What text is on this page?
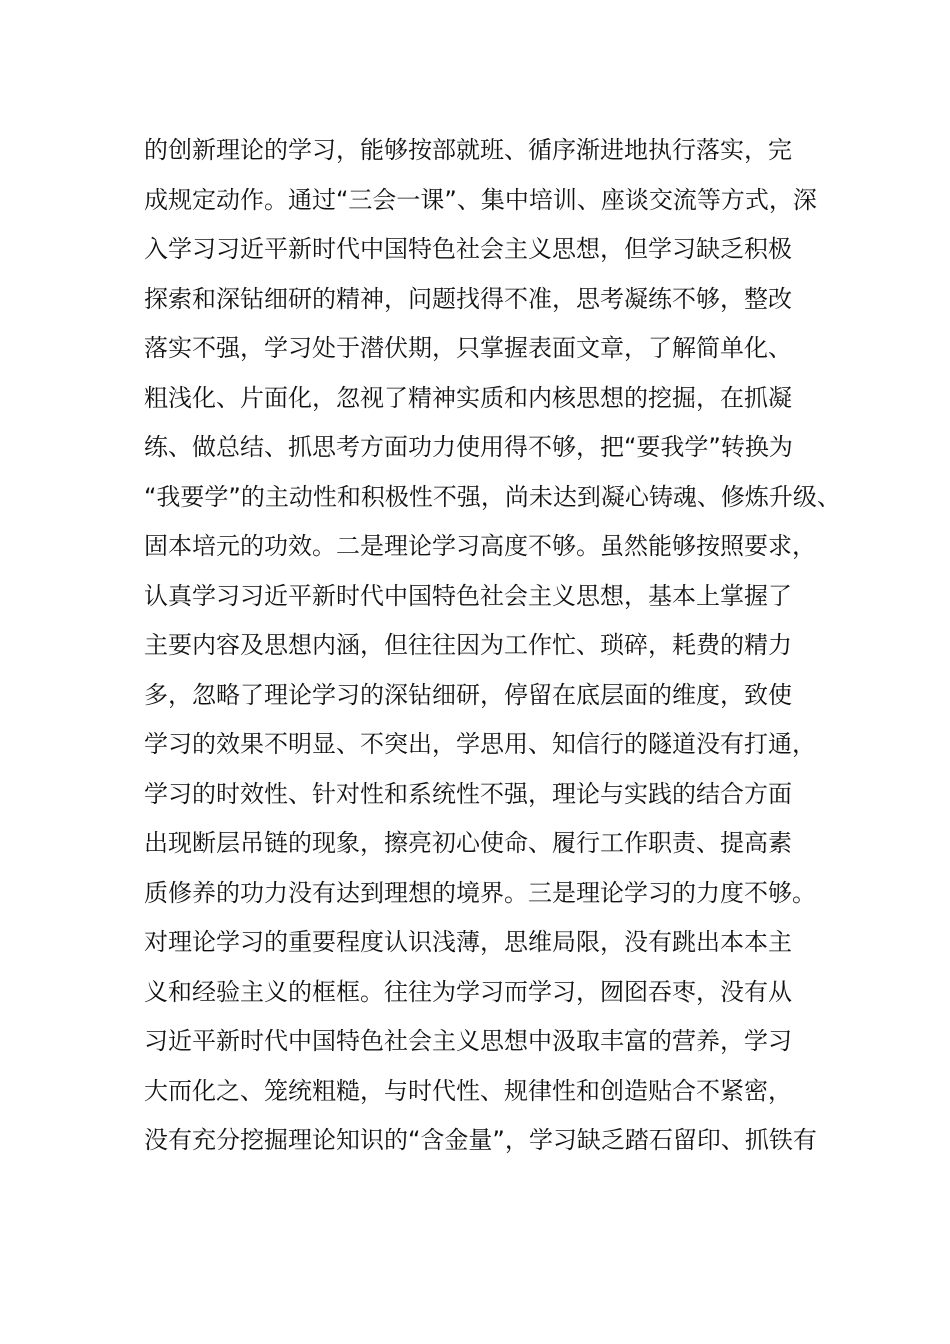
的创新理论的学习，能够按部就班、循序渐进地执行落实，完
成规定动作。通过“三会一课”、集中培训、座谈交流等方式，深
入学习习近平新时代中国特色社会主义思想，但学习缺乏积极
探索和深钻细研的精神，问题找得不准，思考凝练不够，整改
落实不强，学习处于潜伏期，只掌握表面文章，了解简单化、
粗浅化、片面化，忽视了精神实质和内核思想的挖掘，在抓凝
练、做总结、抓思考方面功力使用得不够，把“要我学”转换为
“我要学”的主动性和积极性不强，尚未达到凝心铸魂、修炼升级、
固本培元的功效。二是理论学习高度不够。虽然能够按照要求，
认真学习习近平新时代中国特色社会主义思想，基本上掌握了
主要内容及思想内涵，但往往因为工作忙、琐碎，耗费的精力
多，忽略了理论学习的深钻细研，停留在底层面的维度，致使
学习的效果不明显、不突出，学思用、知信行的隧道没有打通，
学习的时效性、针对性和系统性不强，理论与实践的结合方面
出现断层吊链的现象，擦亮初心使命、履行工作职责、提高素
质修养的功力没有达到理想的境界。三是理论学习的力度不够。
对理论学习的重要程度认识浅薄，思维局限，没有跳出本本主
义和经验主义的框框。往往为学习而学习，囫囵吞枣，没有从
习近平新时代中国特色社会主义思想中汲取丰富的营养，学习
大而化之、笼统粗糙，与时代性、规律性和创造贴合不紧密，
没有充分挖掘理论知识的“含金量”，学习缺乏踏石留印、抓铁有
